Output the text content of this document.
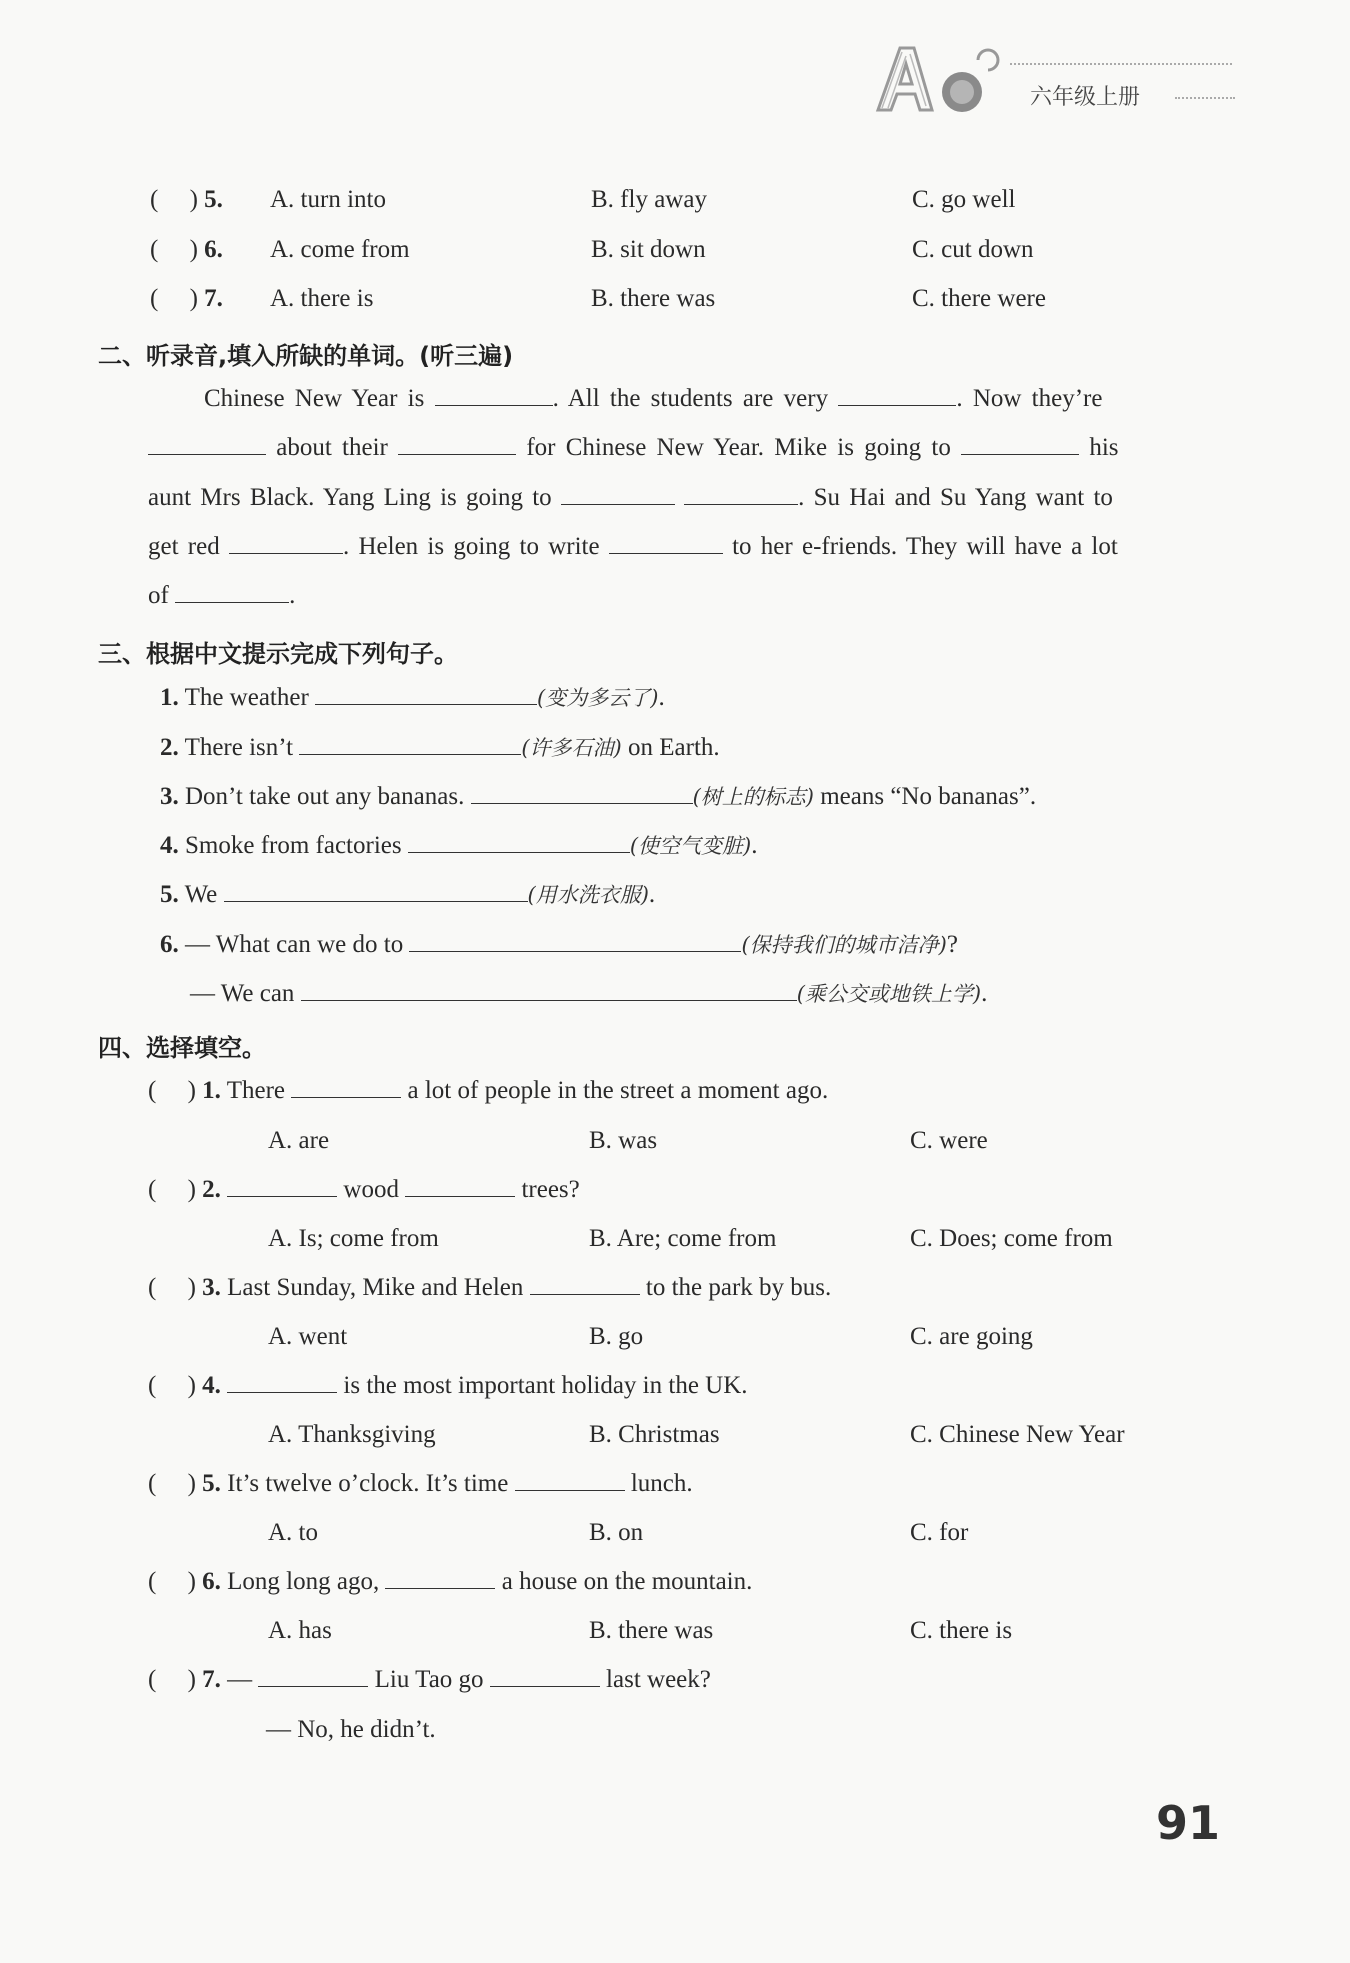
六年级上册
(     ) 5. A. turn into	B. fly away	C. go well
(     ) 6. A. come from	B. sit down	C. cut down
(     ) 7. A. there is	B. there was	C. there were
二、听录音,填入所缺的单词。(听三遍)
Chinese New Year is	. All the students are very	. Now they’re
about their	for Chinese New Year. Mike is going to	his
aunt Mrs Black. Yang Ling is going to	. Su Hai and Su Yang want to
get red	. Helen is going to write	to her e-friends. They will have a lot
of	.
三、根据中文提示完成下列句子。
1. The weather	(变为多云了).
2. There isn’t	(许多石油) on Earth.
3. Don’t take out any bananas.	(树上的标志) means “No bananas”.
4. Smoke from factories	(使空气变脏).
5. We	(用水洗衣服).
6. — What can we do to	(保持我们的城市洁净)?
— We can	(乘公交或地铁上学).
四、选择填空。
(     ) 1. There	a lot of people in the street a moment ago.
A. are	B. was	C. were
(     ) 2.	wood	trees?
A. Is; come from	B. Are; come from	C. Does; come from
(     ) 3. Last Sunday, Mike and Helen	to the park by bus.
A. went	B. go	C. are going
(     ) 4.	is the most important holiday in the UK.
A. Thanksgiving	B. Christmas	C. Chinese New Year
(     ) 5. It’s twelve o’clock. It’s time	lunch.
A. to	B. on	C. for
(     ) 6. Long long ago,	a house on the mountain.
A. has	B. there was	C. there is
(     ) 7. —	Liu Tao go	last week?
— No, he didn’t.
91
